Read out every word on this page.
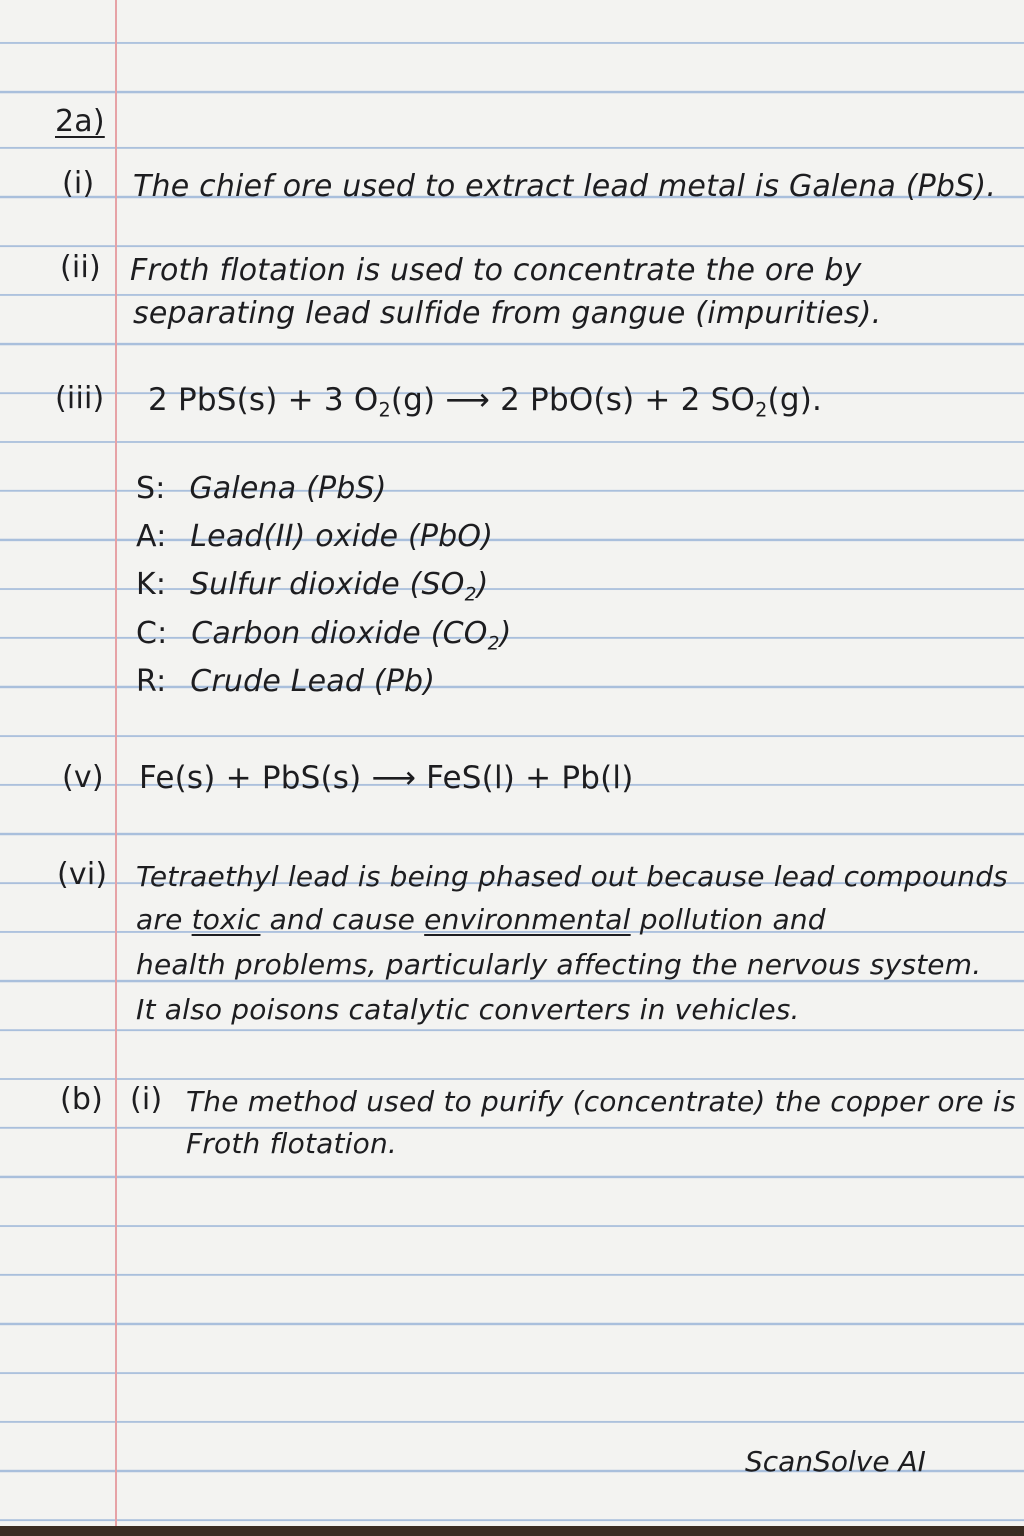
2a)
(i) The chief ore used to extract lead metal is Galena (PbS).
(ii) Froth flotation is used to concentrate the ore by
separating lead sulfide from gangue (impurities).
(iii) 2 PbS(s) + 3 $O_2(g)$ ⟶ 2 PbO(s) + 2 $SO_2(g)$.
S: Galena (PbS)
A: Lead(II) oxide (PbO)
K: Sulfur dioxide $(SO_2)$
C: Carbon dioxide $(CO_2)$
R: Crude Lead (Pb)
(v) Fe(s) + PbS(s) ⟶ FeS(l) + Pb(l)
(vi) Tetraethyl lead is being phased out because lead compounds
are toxic and cause environmental pollution and
health problems, particularly affecting the nervous system.
It also poisons catalytic converters in vehicles.
(b) (i) The method used to purify (concentrate) the copper ore is
Froth flotation.
ScanSolve AI
